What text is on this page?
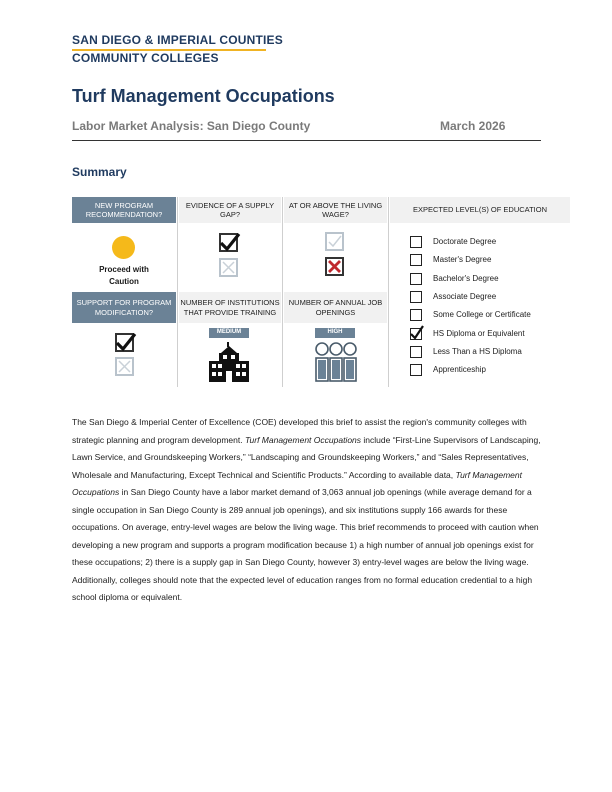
SAN DIEGO & IMPERIAL COUNTIES
COMMUNITY COLLEGES
Turf Management Occupations
Labor Market Analysis: San Diego County	March 2026
Summary
NEW PROGRAM RECOMMENDATION?
EVIDENCE OF A SUPPLY GAP?
AT OR ABOVE THE LIVING WAGE?
EXPECTED LEVEL(S) OF EDUCATION
Proceed with Caution
Doctorate Degree
Master's Degree
Bachelor's Degree
Associate Degree
Some College or Certificate
HS Diploma or Equivalent
Less Than a HS Diploma
Apprenticeship
SUPPORT FOR PROGRAM MODIFICATION?
NUMBER OF INSTITUTIONS THAT PROVIDE TRAINING
NUMBER OF ANNUAL JOB OPENINGS
MEDIUM	HIGH
The San Diego & Imperial Center of Excellence (COE) developed this brief to assist the region's community colleges with strategic planning and program development. Turf Management Occupations include “First-Line Supervisors of Landscaping, Lawn Service, and Groundskeeping Workers,” “Landscaping and Groundskeeping Workers,” and “Sales Representatives, Wholesale and Manufacturing, Except Technical and Scientific Products.” According to available data, Turf Management Occupations in San Diego County have a labor market demand of 3,063 annual job openings (while average demand for a single occupation in San Diego County is 289 annual job openings), and six institutions supply 166 awards for these occupations. On average, entry-level wages are below the living wage. This brief recommends to proceed with caution when developing a new program and supports a program modification because 1) a high number of annual job openings exist for these occupations; 2) there is a supply gap in San Diego County, however 3) entry-level wages are below the living wage. Additionally, colleges should note that the expected level of education ranges from no formal education credential to a high school diploma or equivalent.
